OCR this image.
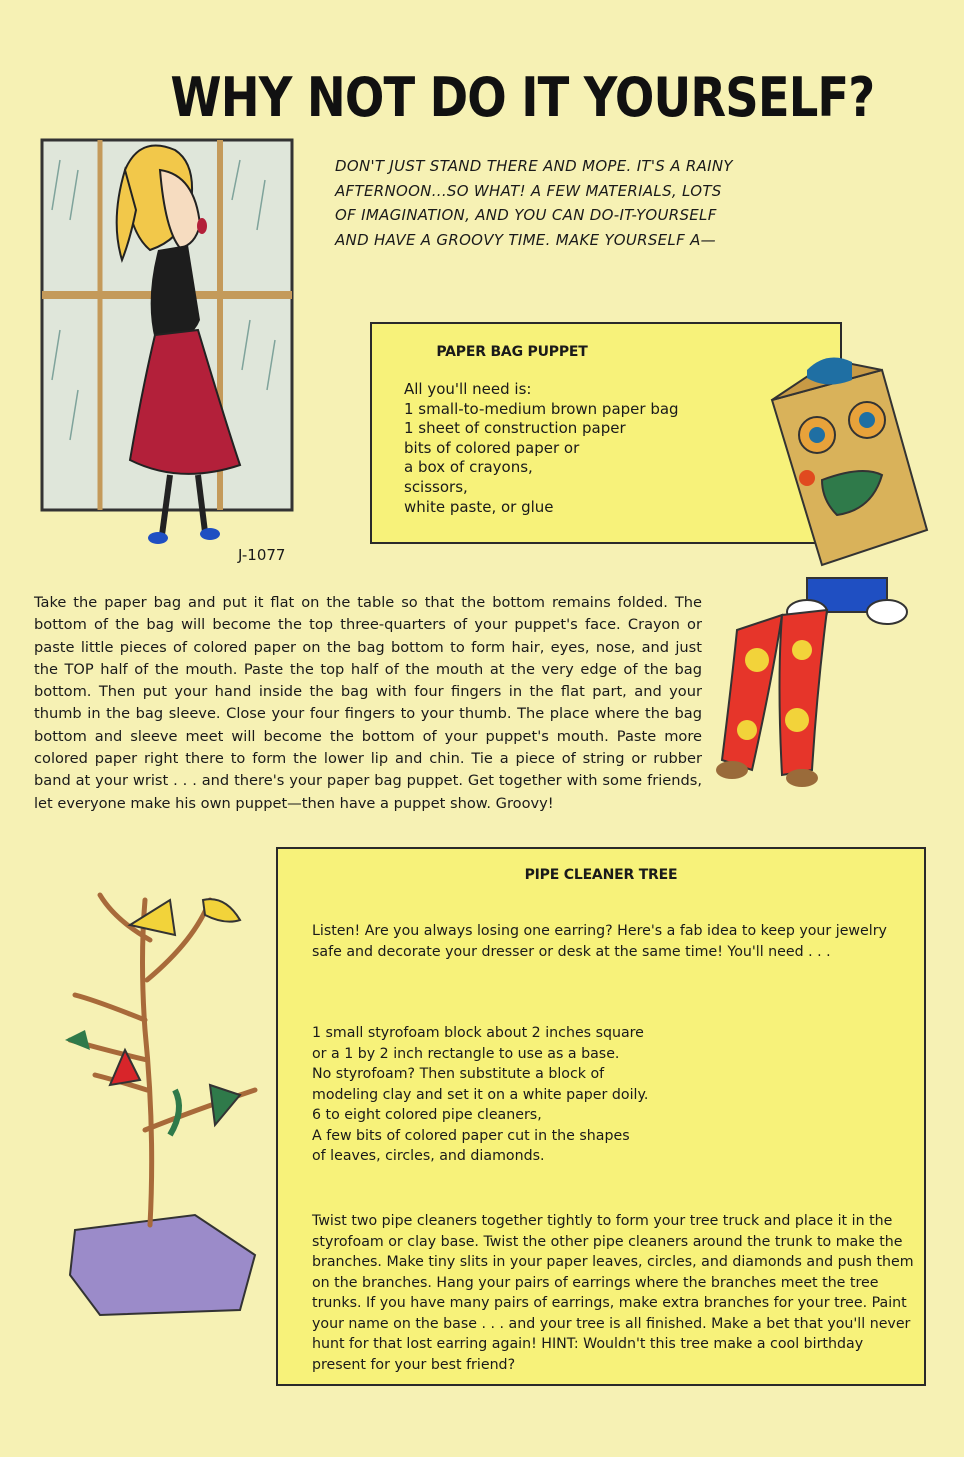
WHY NOT DO IT YOURSELF?
J-1077
DON'T JUST STAND THERE AND MOPE. IT'S A RAINY
AFTERNOON...SO WHAT! A FEW MATERIALS, LOTS
OF IMAGINATION, AND YOU CAN DO-IT-YOURSELF
AND HAVE A GROOVY TIME. MAKE YOURSELF A—
PAPER BAG PUPPET
All you'll need is:
1 small-to-medium brown paper bag
1 sheet of construction paper
bits of colored paper or
a box of crayons,
scissors,
white paste, or glue
Take the paper bag and put it flat on the table so that the bottom remains folded. The bottom of the bag will become the top three-quarters of your puppet's face. Crayon or paste little pieces of colored paper on the bag bottom to form hair, eyes, nose, and just the TOP half of the mouth. Paste the top half of the mouth at the very edge of the bag bottom. Then put your hand inside the bag with four fingers in the flat part, and your thumb in the bag sleeve. Close your four fingers to your thumb. The place where the bag bottom and sleeve meet will become the bottom of your puppet's mouth. Paste more colored paper right there to form the lower lip and chin. Tie a piece of string or rubber band at your wrist . . . and there's your paper bag puppet. Get together with some friends, let everyone make his own puppet—then have a puppet show. Groovy!
PIPE CLEANER TREE
Listen! Are you always losing one earring? Here's a fab idea to keep your jewelry safe and decorate your dresser or desk at the same time! You'll need . . .
1 small styrofoam block about 2 inches square
or a 1 by 2 inch rectangle to use as a base.
No styrofoam? Then substitute a block of
modeling clay and set it on a white paper doily.
6 to eight colored pipe cleaners,
A few bits of colored paper cut in the shapes
of leaves, circles, and diamonds.
Twist two pipe cleaners together tightly to form your tree truck and place it in the styrofoam or clay base. Twist the other pipe cleaners around the trunk to make the branches. Make tiny slits in your paper leaves, circles, and diamonds and push them on the branches. Hang your pairs of earrings where the branches meet the tree trunks. If you have many pairs of earrings, make extra branches for your tree. Paint your name on the base . . . and your tree is all finished. Make a bet that you'll never hunt for that lost earring again! HINT: Wouldn't this tree make a cool birthday present for your best friend?
